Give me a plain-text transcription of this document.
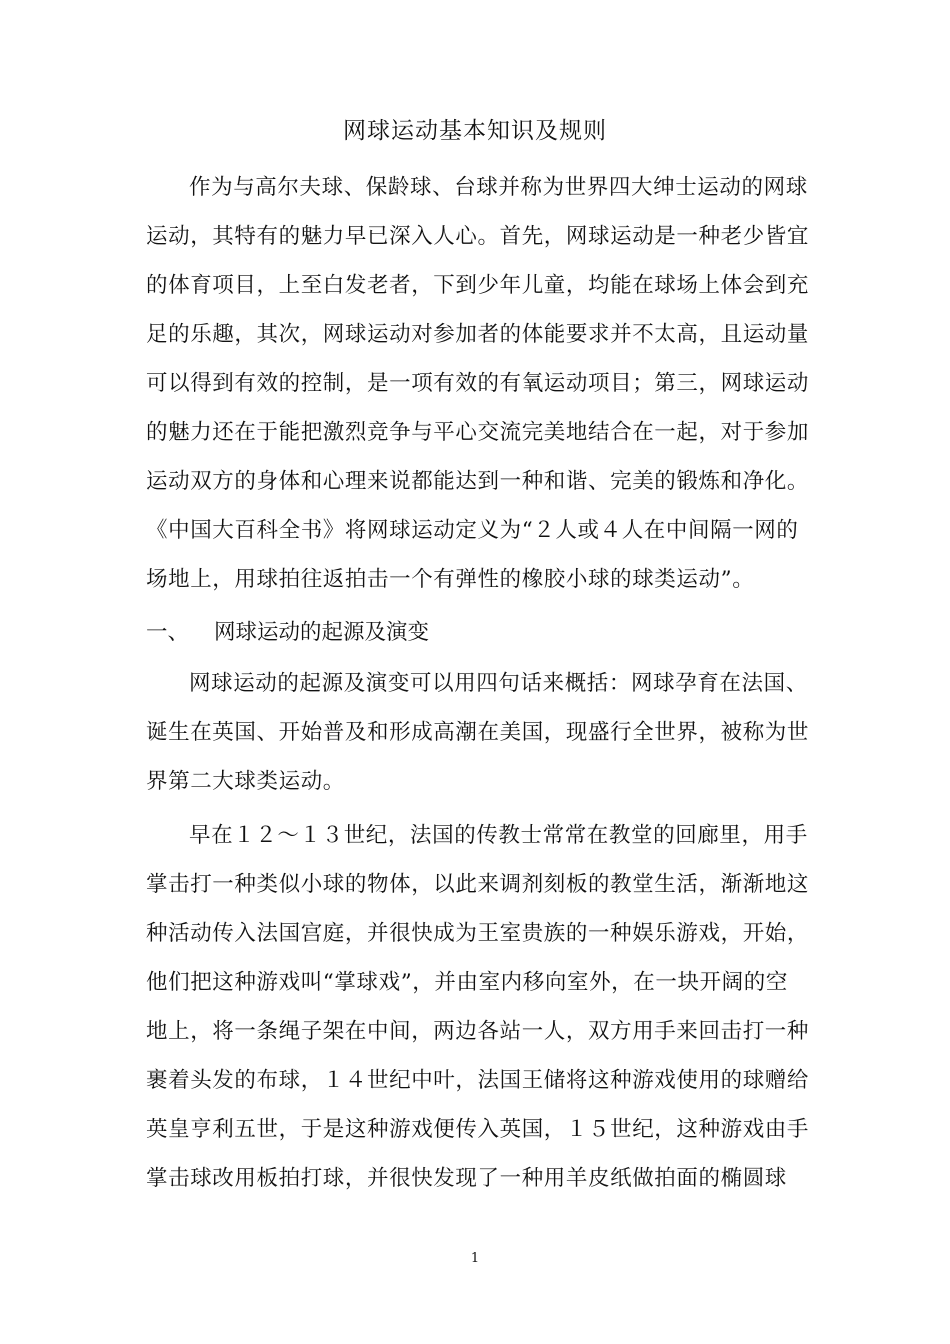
网球运动基本知识及规则
作为与高尔夫球、保龄球、台球并称为世界四大绅士运动的网球
运动，其特有的魅力早已深入人心。首先，网球运动是一种老少皆宜
的体育项目，上至白发老者，下到少年儿童，均能在球场上体会到充
足的乐趣，其次，网球运动对参加者的体能要求并不太高，且运动量
可以得到有效的控制，是一项有效的有氧运动项目；第三，网球运动
的魅力还在于能把激烈竞争与平心交流完美地结合在一起，对于参加
运动双方的身体和心理来说都能达到一种和谐、完美的锻炼和净化。
《中国大百科全书》将网球运动定义为“２人或４人在中间隔一网的
场地上，用球拍往返拍击一个有弹性的橡胶小球的球类运动”。
一、 网球运动的起源及演变
网球运动的起源及演变可以用四句话来概括：网球孕育在法国、
诞生在英国、开始普及和形成高潮在美国，现盛行全世界，被称为世
界第二大球类运动。
早在１２～１３世纪，法国的传教士常常在教堂的回廊里，用手
掌击打一种类似小球的物体，以此来调剂刻板的教堂生活，渐渐地这
种活动传入法国宫庭，并很快成为王室贵族的一种娱乐游戏，开始，
他们把这种游戏叫“掌球戏”，并由室内移向室外，在一块开阔的空
地上，将一条绳子架在中间，两边各站一人，双方用手来回击打一种
裹着头发的布球，１４世纪中叶，法国王储将这种游戏使用的球赠给
英皇亨利五世，于是这种游戏便传入英国，１５世纪，这种游戏由手
掌击球改用板拍打球，并很快发现了一种用羊皮纸做拍面的椭圆球
1
